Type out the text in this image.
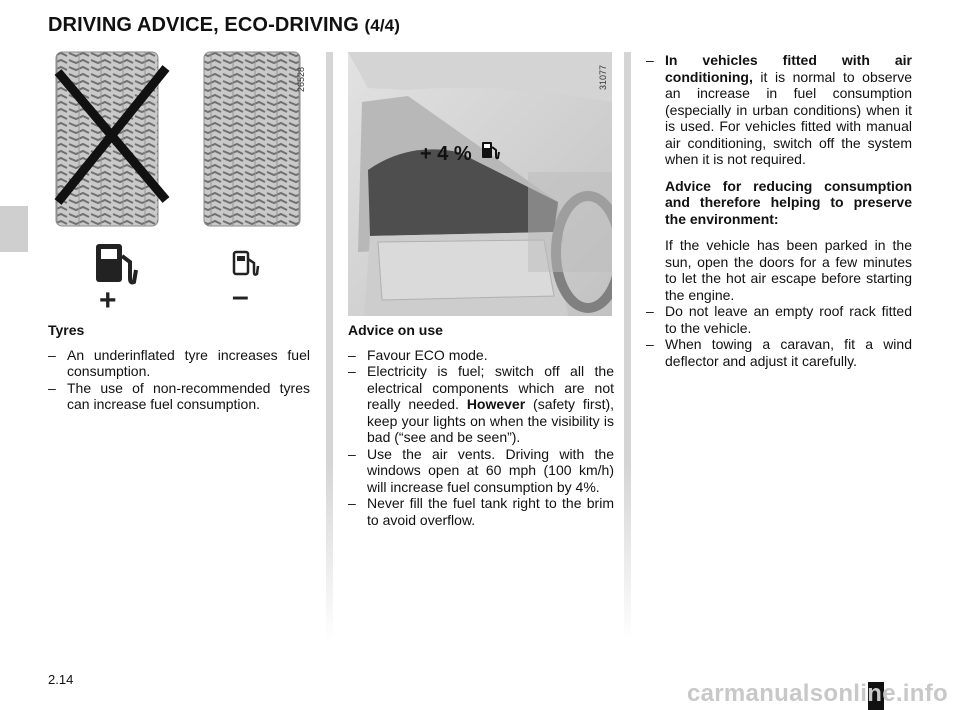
DRIVING ADVICE, ECO-DRIVING (4/4)
+	–
26528
+ 4 %
31077
Tyres
– An underinflated tyre increases fuel consumption.
– The use of non-recommended tyres can increase fuel consumption.
Advice on use
– Favour ECO mode.
– Electricity is fuel; switch off all the electrical components which are not really needed. However (safety first), keep your lights on when the visibility is bad (“see and be seen”).
– Use the air vents. Driving with the windows open at 60 mph (100 km/h) will increase fuel consumption by 4%.
– Never fill the fuel tank right to the brim to avoid overflow.
– In vehicles fitted with air conditioning, it is normal to observe an increase in fuel consumption (especially in urban conditions) when it is used. For vehicles fitted with manual air conditioning, switch off the system when it is not required.

Advice for reducing consumption and therefore helping to preserve the environment:

If the vehicle has been parked in the sun, open the doors for a few minutes to let the hot air escape before starting the engine.

– Do not leave an empty roof rack fitted to the vehicle.
– When towing a caravan, fit a wind deflector and adjust it carefully.
2.14
carmanualsonline.info
